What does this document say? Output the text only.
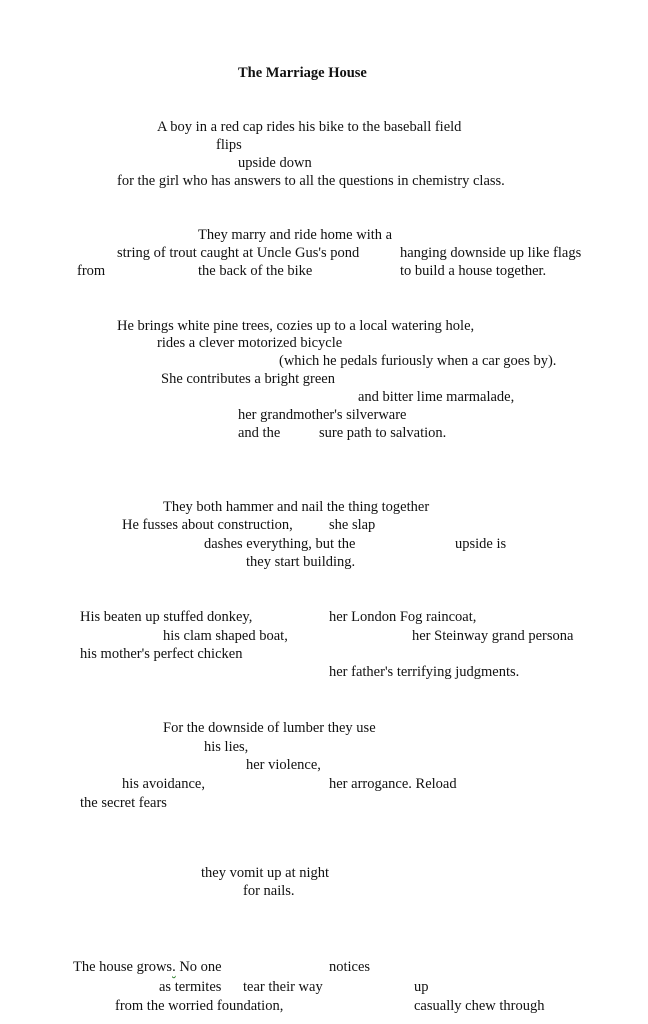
The Marriage House
A boy in a red cap rides his bike to the baseball field
flips
upside down
for the girl who has answers to all the questions in chemistry class.
They marry and ride home with a
string of trout caught at Uncle Gus's pond	hanging downside up like flags
from	the back of the bike	to build a house together.
He brings white pine trees, cozies up to a local watering hole,
rides a clever motorized bicycle
(which he pedals furiously when a car goes by).
She contributes a bright green
and bitter lime marmalade,
her grandmother's silverware
and the	sure path to salvation.
They both hammer and nail the thing together
He fusses about construction,	she slap
dashes everything, but the	upside is
they start building.
His beaten up stuffed donkey,	her London Fog raincoat,
his clam shaped boat,	her Steinway grand persona
his mother's perfect chicken
her father's terrifying judgments.
For the downside of lumber they use
his lies,
her violence,
his avoidance,	her arrogance. Reload
the secret fears
they vomit up at night
for nails.
The house grows. No one	notices
as termites tear their way	up
from the worried foundation,	casually chew through
